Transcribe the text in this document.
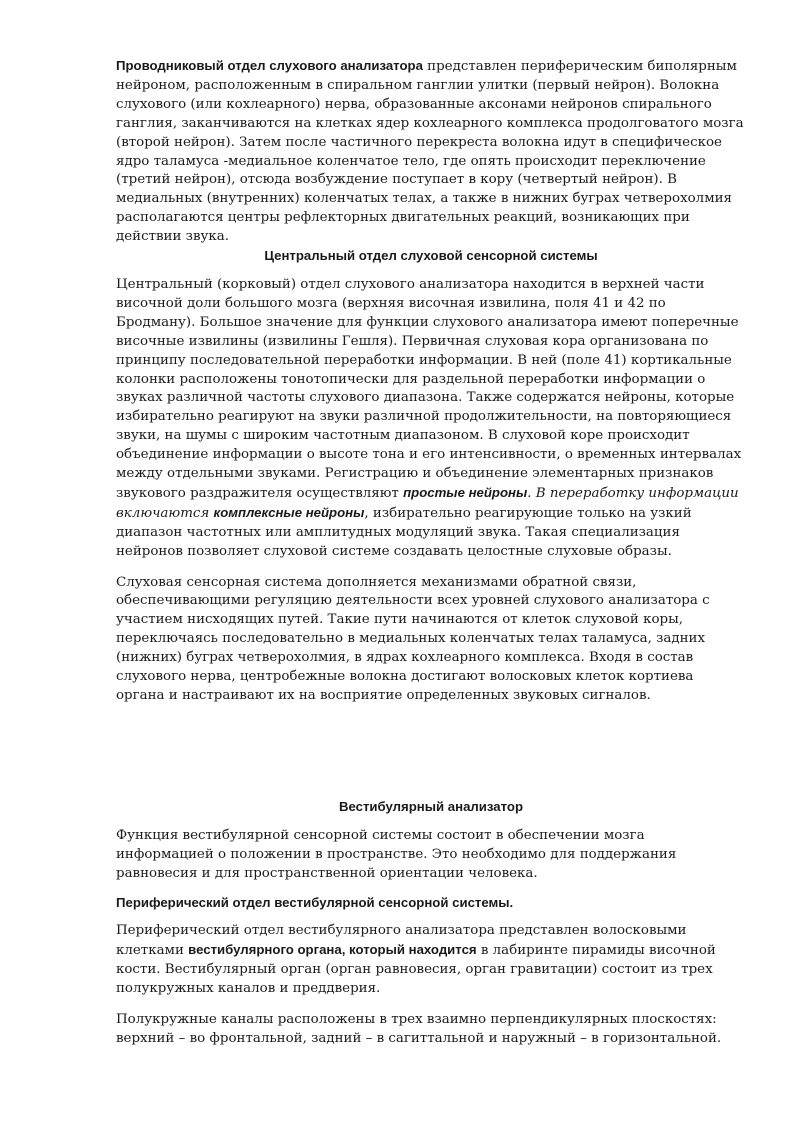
Проводниковый отдел слухового анализатора представлен периферическим биполярным нейроном, расположенным в спиральном ганглии улитки (первый нейрон). Волокна слухового (или кохлеарного) нерва, образованные аксонами нейронов спирального ганглия, заканчиваются на клетках ядер кохлеарного комплекса продолговатого мозга (второй нейрон). Затем после частичного перекреста волокна идут в специфическое ядро таламуса -медиальное коленчатое тело, где опять происходит переключение (третий нейрон), отсюда возбуждение поступает в кору (четвертый нейрон). В медиальных (внутренних) коленчатых телах, а также в нижних буграх четверохолмия располагаются центры рефлекторных двигательных реакций, возникающих при действии звука.

Центральный отдел слуховой сенсорной системы

Центральный (корковый) отдел слухового анализатора находится в верхней части височной доли большого мозга (верхняя височная извилина, поля 41 и 42 по Бродману). Большое значение для функции слухового анализатора имеют поперечные височные извилины (извилины Гешля). Первичная слуховая кора организована по принципу последовательной переработки информации. В ней (поле 41) кортикальные колонки расположены тонотопически для раздельной переработки информации о звуках различной частоты слухового диапазона. Также содержатся нейроны, которые избирательно реагируют на звуки различной продолжительности, на повторяющиеся звуки, на шумы с широким частотным диапазоном. В слуховой коре происходит объединение информации о высоте тона и его интенсивности, о временных интервалах между отдельными звуками. Регистрацию и объединение элементарных признаков звукового раздражителя осуществляют простые нейроны. В переработку информации включаются комплексные нейроны, избирательно реагирующие только на узкий диапазон частотных или амплитудных модуляций звука. Такая специализация нейронов позволяет слуховой системе создавать целостные слуховые образы.

Слуховая сенсорная система дополняется механизмами обратной связи, обеспечивающими регуляцию деятельности всех уровней слухового анализатора с участием нисходящих путей. Такие пути начинаются от клеток слуховой коры, переключаясь последовательно в медиальных коленчатых телах таламуса, задних (нижних) буграх четверохолмия, в ядрах кохлеарного комплекса. Входя в состав слухового нерва, центробежные волокна достигают волосковых клеток кортиева органа и настраивают их на восприятие определенных звуковых сигналов.

Вестибулярный анализатор

Функция вестибулярной сенсорной системы состоит в обеспечении мозга информацией о положении в пространстве. Это необходимо для поддержания равновесия и для пространственной ориентации человека.

Периферический отдел вестибулярной сенсорной системы.

Периферический отдел вестибулярного анализатора представлен волосковыми клетками вестибулярного органа, который находится в лабиринте пирамиды височной кости. Вестибулярный орган (орган равновесия, орган гравитации) состоит из трех полукружных каналов и преддверия.

Полукружные каналы расположены в трех взаимно перпендикулярных плоскостях: верхний – во фронтальной, задний – в сагиттальной и наружный – в горизонтальной.
